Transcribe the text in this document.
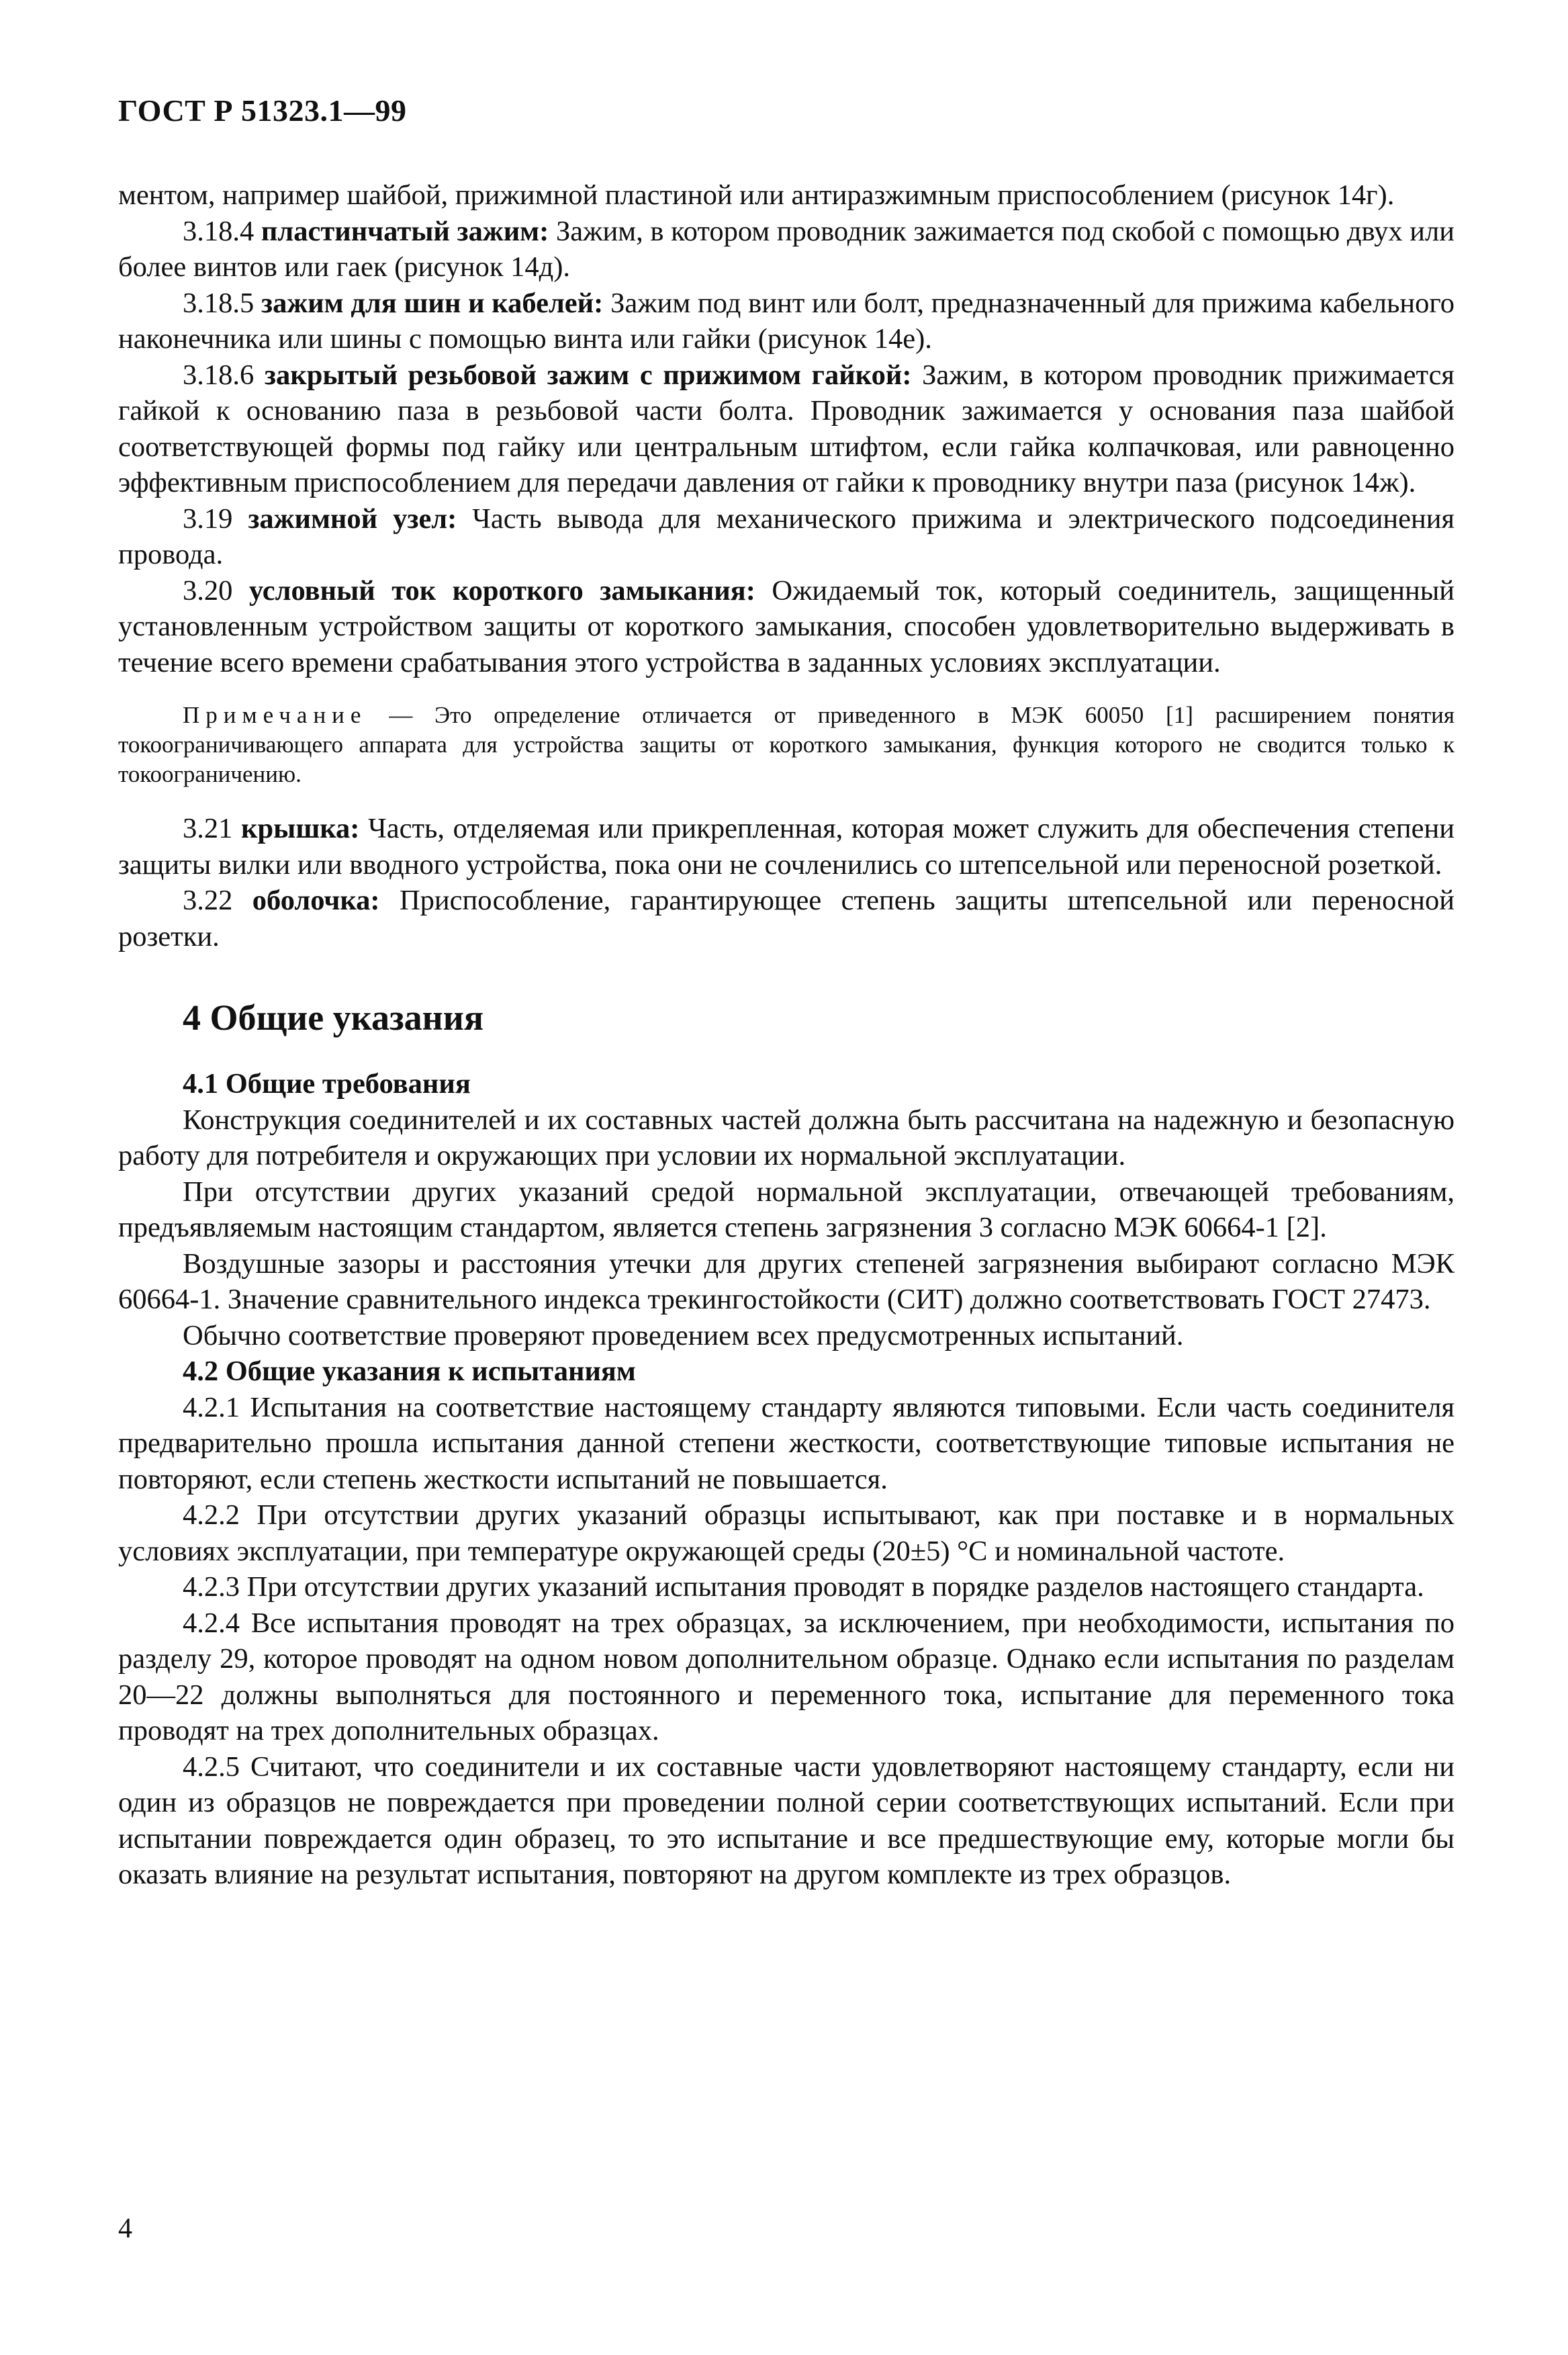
ГОСТ Р 51323.1—99

ментом, например шайбой, прижимной пластиной или антиразжимным приспособлением (рисунок 14г).

3.18.4 пластинчатый зажим: Зажим, в котором проводник зажимается под скобой с помощью двух или более винтов или гаек (рисунок 14д).

3.18.5 зажим для шин и кабелей: Зажим под винт или болт, предназначенный для прижима кабельного наконечника или шины с помощью винта или гайки (рисунок 14е).

3.18.6 закрытый резьбовой зажим с прижимом гайкой: Зажим, в котором проводник прижимается гайкой к основанию паза в резьбовой части болта. Проводник зажимается у основания паза шайбой соответствующей формы под гайку или центральным штифтом, если гайка колпачковая, или равноценно эффективным приспособлением для передачи давления от гайки к проводнику внутри паза (рисунок 14ж).

3.19 зажимной узел: Часть вывода для механического прижима и электрического подсоединения провода.

3.20 условный ток короткого замыкания: Ожидаемый ток, который соединитель, защищенный установленным устройством защиты от короткого замыкания, способен удовлетворительно выдерживать в течение всего времени срабатывания этого устройства в заданных условиях эксплуатации.

Примечание — Это определение отличается от приведенного в МЭК 60050 [1] расширением понятия токоограничивающего аппарата для устройства защиты от короткого замыкания, функция которого не сводится только к токоограничению.

3.21 крышка: Часть, отделяемая или прикрепленная, которая может служить для обеспечения степени защиты вилки или вводного устройства, пока они не сочленились со штепсельной или переносной розеткой.

3.22 оболочка: Приспособление, гарантирующее степень защиты штепсельной или переносной розетки.

4 Общие указания

4.1 Общие требования

Конструкция соединителей и их составных частей должна быть рассчитана на надежную и безопасную работу для потребителя и окружающих при условии их нормальной эксплуатации.

При отсутствии других указаний средой нормальной эксплуатации, отвечающей требованиям, предъявляемым настоящим стандартом, является степень загрязнения 3 согласно МЭК 60664-1 [2].

Воздушные зазоры и расстояния утечки для других степеней загрязнения выбирают согласно МЭК 60664-1. Значение сравнительного индекса трекингостойкости (СИТ) должно соответствовать ГОСТ 27473.

Обычно соответствие проверяют проведением всех предусмотренных испытаний.

4.2 Общие указания к испытаниям

4.2.1 Испытания на соответствие настоящему стандарту являются типовыми. Если часть соединителя предварительно прошла испытания данной степени жесткости, соответствующие типовые испытания не повторяют, если степень жесткости испытаний не повышается.

4.2.2 При отсутствии других указаний образцы испытывают, как при поставке и в нормальных условиях эксплуатации, при температуре окружающей среды (20±5) °С и номинальной частоте.

4.2.3 При отсутствии других указаний испытания проводят в порядке разделов настоящего стандарта.

4.2.4 Все испытания проводят на трех образцах, за исключением, при необходимости, испытания по разделу 29, которое проводят на одном новом дополнительном образце. Однако если испытания по разделам 20—22 должны выполняться для постоянного и переменного тока, испытание для переменного тока проводят на трех дополнительных образцах.

4.2.5 Считают, что соединители и их составные части удовлетворяют настоящему стандарту, если ни один из образцов не повреждается при проведении полной серии соответствующих испытаний. Если при испытании повреждается один образец, то это испытание и все предшествующие ему, которые могли бы оказать влияние на результат испытания, повторяют на другом комплекте из трех образцов.

4
